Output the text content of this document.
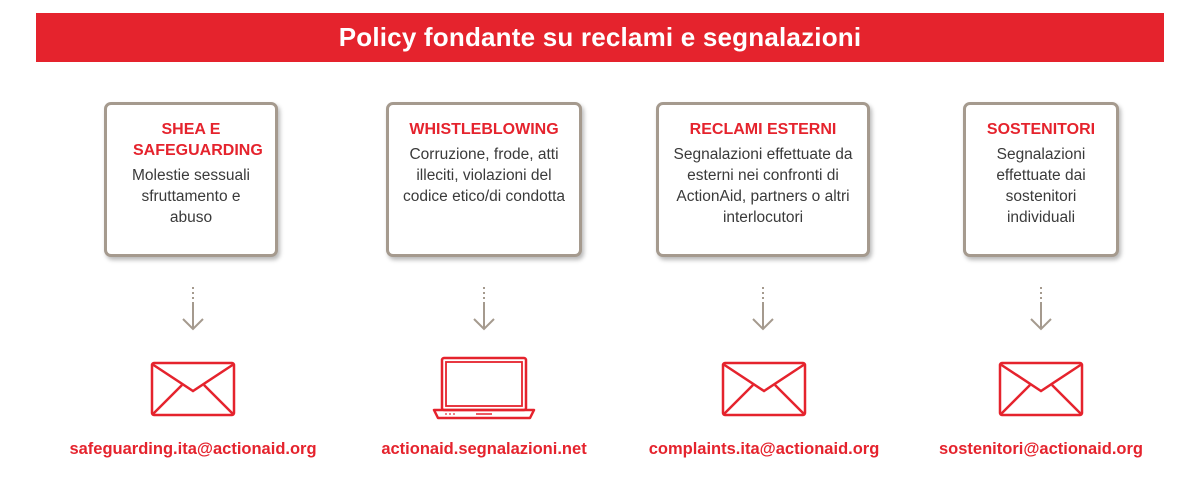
Policy fondante su reclami e segnalazioni
SHEA E SAFEGUARDING
Molestie sessuali sfruttamento e abuso
WHISTLEBLOWING
Corruzione, frode, atti illeciti, violazioni del codice etico/di condotta
RECLAMI ESTERNI
Segnalazioni effettuate da esterni nei confronti di ActionAid, partners o altri interlocutori
SOSTENITORI
Segnalazioni effettuate dai sostenitori individuali
safeguarding.ita@actionaid.org	actionaid.segnalazioni.net	complaints.ita@actionaid.org	sostenitori@actionaid.org
